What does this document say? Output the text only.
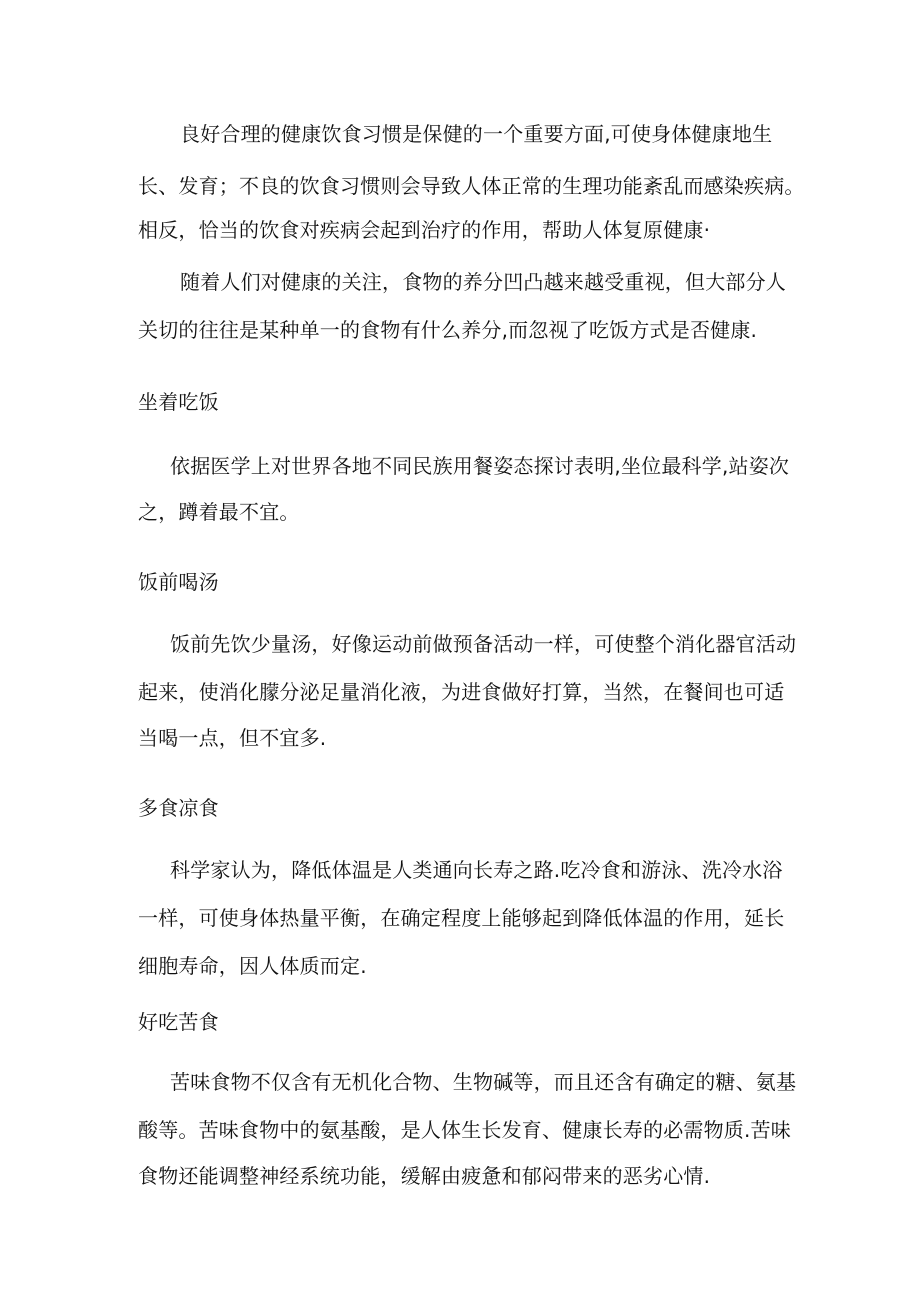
良好合理的健康饮食习惯是保健的一个重要方面,可使身体健康地生
长、发育；不良的饮食习惯则会导致人体正常的生理功能紊乱而感染疾病。
相反，恰当的饮食对疾病会起到治疗的作用，帮助人体复原健康·
随着人们对健康的关注，食物的养分凹凸越来越受重视，但大部分人
关切的往往是某种单一的食物有什么养分,而忽视了吃饭方式是否健康.
坐着吃饭
依据医学上对世界各地不同民族用餐姿态探讨表明,坐位最科学,站姿次
之，蹲着最不宜。
饭前喝汤
饭前先饮少量汤，好像运动前做预备活动一样，可使整个消化器官活动
起来，使消化朦分泌足量消化液，为进食做好打算，当然，在餐间也可适
当喝一点，但不宜多.
多食凉食
科学家认为，降低体温是人类通向长寿之路.吃冷食和游泳、洗冷水浴
一样，可使身体热量平衡，在确定程度上能够起到降低体温的作用，延长
细胞寿命，因人体质而定.
好吃苦食
苦味食物不仅含有无机化合物、生物碱等，而且还含有确定的糖、氨基
酸等。苦味食物中的氨基酸，是人体生长发育、健康长寿的必需物质.苦味
食物还能调整神经系统功能，缓解由疲惫和郁闷带来的恶劣心情.
